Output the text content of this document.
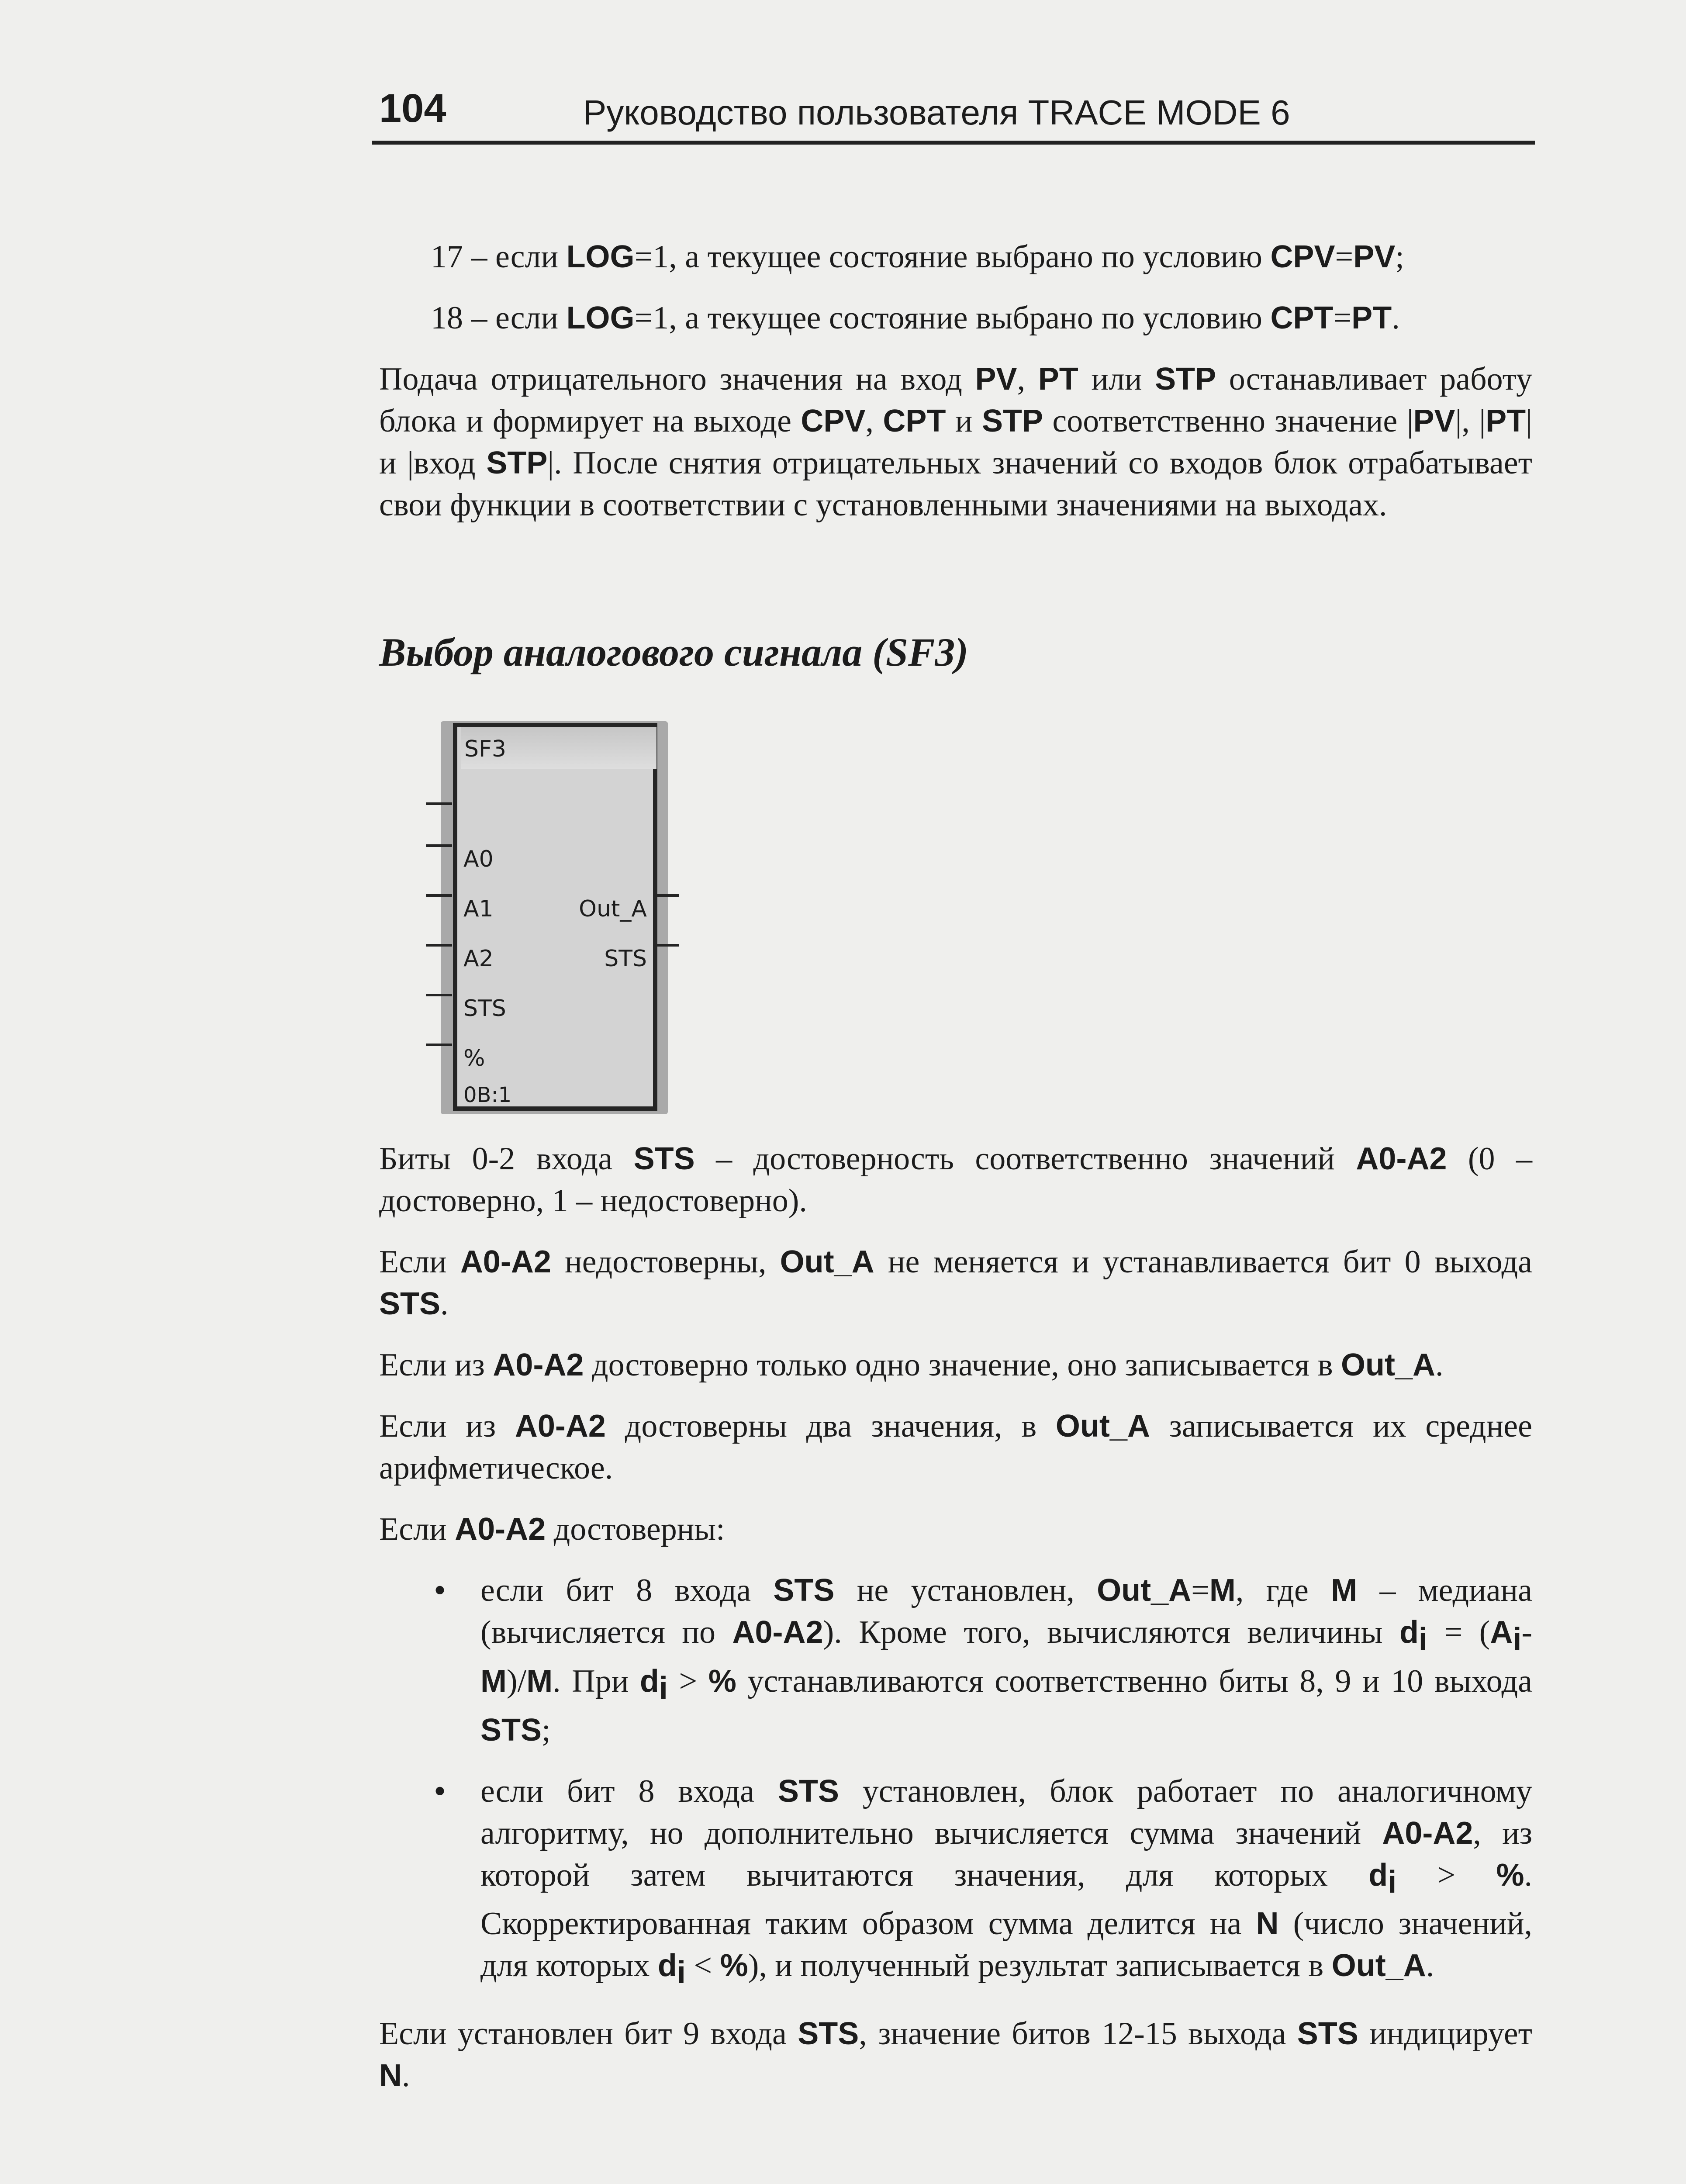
104	Руководство пользователя TRACE MODE 6

17 – если LOG=1, а текущее состояние выбрано по условию CPV=PV;

18 – если LOG=1, а текущее состояние выбрано по условию CPT=PT.

Подача отрицательного значения на вход PV, PT или STP останавливает работу блока и формирует на выходе CPV, CPT и STP соответственно значение |PV|, |PT| и |вход STP|. После снятия отрицательных значений со входов блок отрабатывает свои функции в соответствии с установленными значениями на выходах.

Выбор аналогового сигнала (SF3)
SF3
A0
A1
A2
STS
%
0B:1
Out_A
STS

Биты 0-2 входа STS – достоверность соответственно значений A0-A2 (0 – достоверно, 1 – недостоверно).

Если A0-A2 недостоверны, Out_A не меняется и устанавливается бит 0 выхода STS.

Если из A0-A2 достоверно только одно значение, оно записывается в Out_A.

Если из A0-A2 достоверны два значения, в Out_A записывается их среднее арифметическое.

Если A0-A2 достоверны:

• если бит 8 входа STS не установлен, Out_A=M, где M – медиана (вычисляется по A0-A2). Кроме того, вычисляются величины $d_i = (A_i-M)/M$. При $d_i$ > % устанавливаются соответственно биты 8, 9 и 10 выхода STS;
• если бит 8 входа STS установлен, блок работает по аналогичному алгоритму, но дополнительно вычисляется сумма значений A0-A2, из которой затем вычитаются значения, для которых $d_i$ > %. Скорректированная таким образом сумма делится на N (число значений, для которых $d_i$ < %), и полученный результат записывается в Out_A.

Если установлен бит 9 входа STS, значение битов 12-15 выхода STS индицирует N.
